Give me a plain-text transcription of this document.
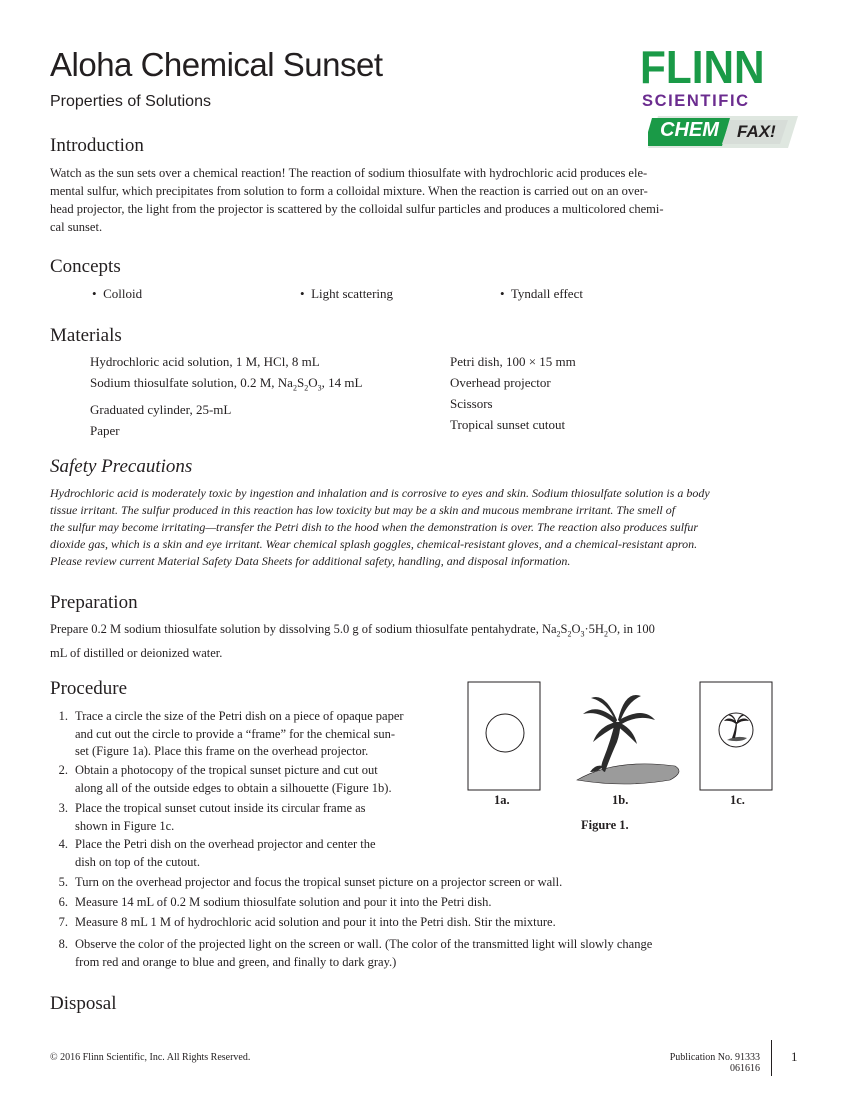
Aloha Chemical Sunset
Properties of Solutions
FLINN
SCIENTIFIC
CHEM FAX!
Introduction
Watch as the sun sets over a chemical reaction! The reaction of sodium thiosulfate with hydrochloric acid produces ele-
mental sulfur, which precipitates from solution to form a colloidal mixture. When the reaction is carried out on an over-
head projector, the light from the projector is scattered by the colloidal sulfur particles and produces a multicolored chemi-
cal sunset.
Concepts
•  Colloid	•  Light scattering	•  Tyndall effect
Materials
Hydrochloric acid solution, 1 M, HCl, 8 mL
Sodium thiosulfate solution, 0.2 M, $Na_2S_2O_3$, 14 mL
Graduated cylinder, 25-mL
Paper
Petri dish, 100 × 15 mm
Overhead projector
Scissors
Tropical sunset cutout
Safety Precautions
Hydrochloric acid is moderately toxic by ingestion and inhalation and is corrosive to eyes and skin. Sodium thiosulfate solution is a body
tissue irritant. The sulfur produced in this reaction has low toxicity but may be a skin and mucous membrane irritant. The smell of
the sulfur may become irritating—transfer the Petri dish to the hood when the demonstration is over. The reaction also produces sulfur
dioxide gas, which is a skin and eye irritant. Wear chemical splash goggles, chemical-resistant gloves, and a chemical-resistant apron.
Please review current Material Safety Data Sheets for additional safety, handling, and disposal information.
Preparation
Prepare 0.2 M sodium thiosulfate solution by dissolving 5.0 g of sodium thiosulfate pentahydrate, $Na_2S_2O_3\cdot 5H_2O$, in 100
mL of distilled or deionized water.
Procedure
1. Trace a circle the size of the Petri dish on a piece of opaque paper
and cut out the circle to provide a “frame” for the chemical sun-
set (Figure 1a). Place this frame on the overhead projector.
2. Obtain a photocopy of the tropical sunset picture and cut out
along all of the outside edges to obtain a silhouette (Figure 1b).
3. Place the tropical sunset cutout inside its circular frame as
shown in Figure 1c.
4. Place the Petri dish on the overhead projector and center the
dish on top of the cutout.
5. Turn on the overhead projector and focus the tropical sunset picture on a projector screen or wall.
6. Measure 14 mL of 0.2 M sodium thiosulfate solution and pour it into the Petri dish.
7. Measure 8 mL 1 M of hydrochloric acid solution and pour it into the Petri dish. Stir the mixture.
8. Observe the color of the projected light on the screen or wall. (The color of the transmitted light will slowly change
from red and orange to blue and green, and finally to dark gray.)
1a.	1b.	1c.
Figure 1.
Disposal
© 2016 Flinn Scientific, Inc. All Rights Reserved.	Publication No. 91333
061616
1
